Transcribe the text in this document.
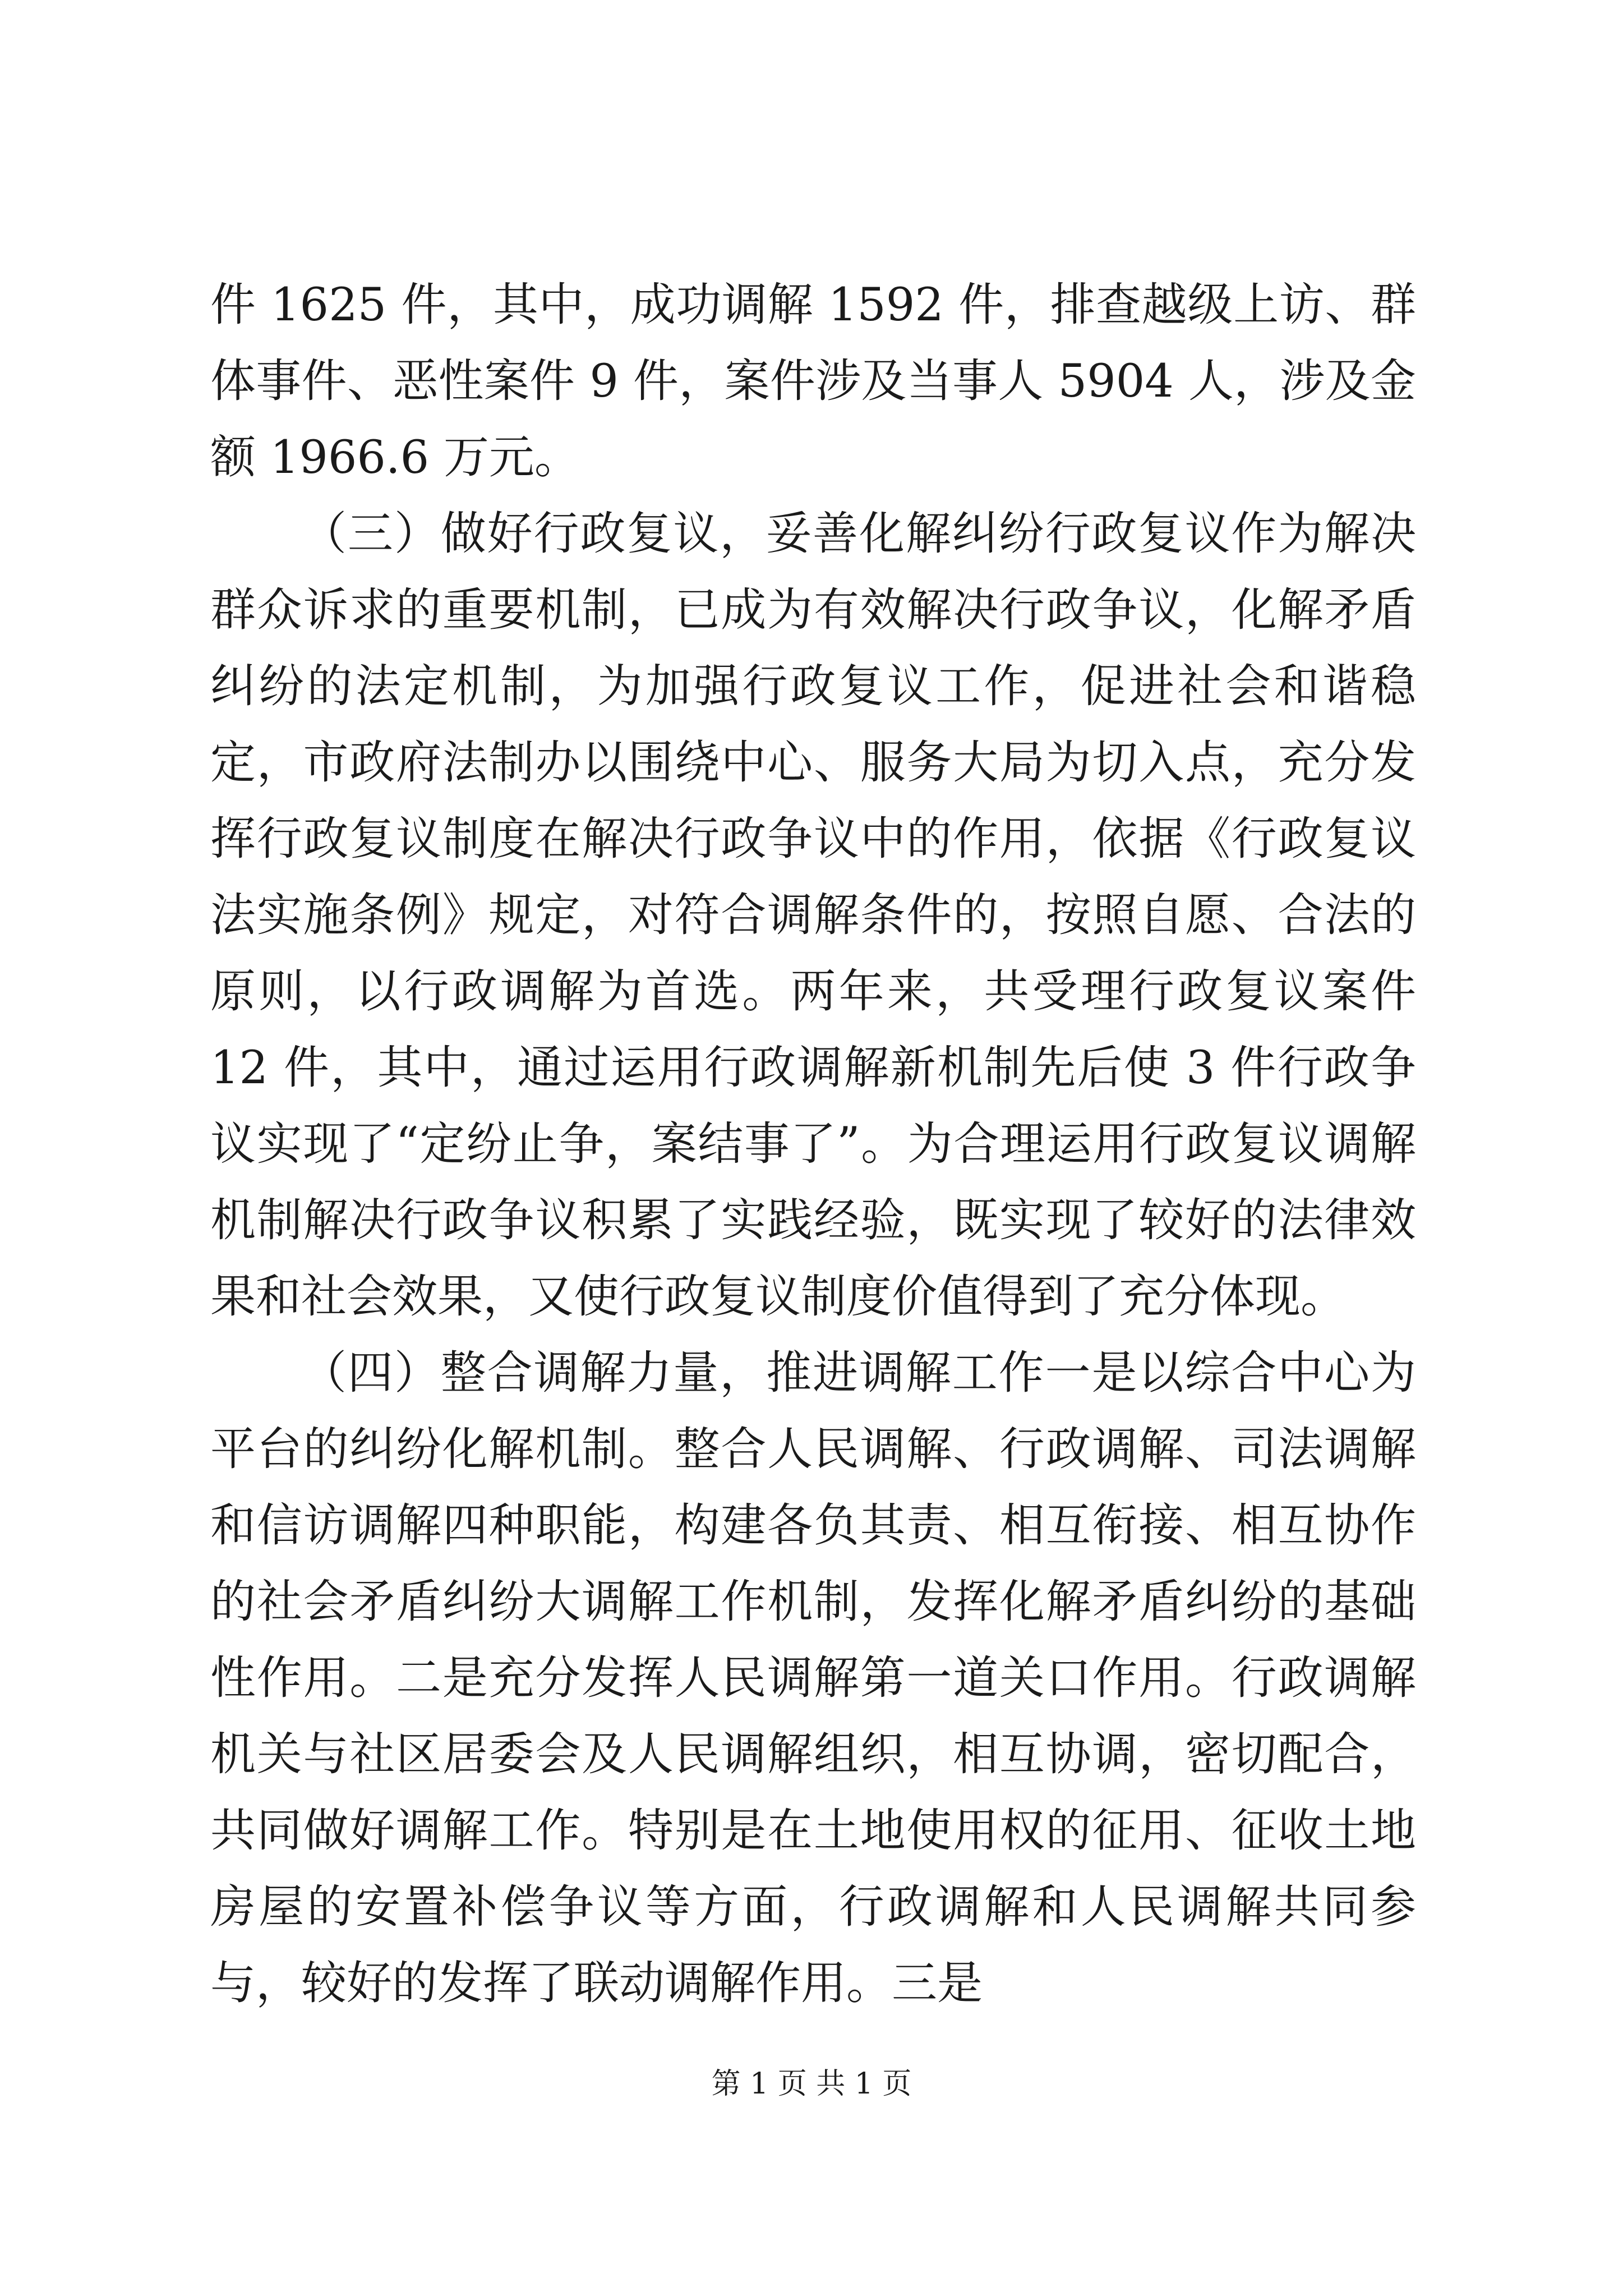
件 1625 件，其中，成功调解 1592 件，排查越级上访、群体事件、恶性案件 9 件，案件涉及当事人 5904 人，涉及金额 1966.6 万元。

（三）做好行政复议，妥善化解纠纷行政复议作为解决群众诉求的重要机制，已成为有效解决行政争议，化解矛盾纠纷的法定机制，为加强行政复议工作，促进社会和谐稳定，市政府法制办以围绕中心、服务大局为切入点，充分发挥行政复议制度在解决行政争议中的作用，依据《行政复议法实施条例》规定，对符合调解条件的，按照自愿、合法的原则，以行政调解为首选。两年来，共受理行政复议案件 12 件，其中，通过运用行政调解新机制先后使 3 件行政争议实现了“定纷止争，案结事了”。为合理运用行政复议调解机制解决行政争议积累了实践经验，既实现了较好的法律效果和社会效果，又使行政复议制度价值得到了充分体现。

（四）整合调解力量，推进调解工作一是以综合中心为平台的纠纷化解机制。整合人民调解、行政调解、司法调解和信访调解四种职能，构建各负其责、相互衔接、相互协作的社会矛盾纠纷大调解工作机制，发挥化解矛盾纠纷的基础性作用。二是充分发挥人民调解第一道关口作用。行政调解机关与社区居委会及人民调解组织，相互协调，密切配合，共同做好调解工作。特别是在土地使用权的征用、征收土地房屋的安置补偿争议等方面，行政调解和人民调解共同参与，较好的发挥了联动调解作用。三是

第 1 页 共 1 页
